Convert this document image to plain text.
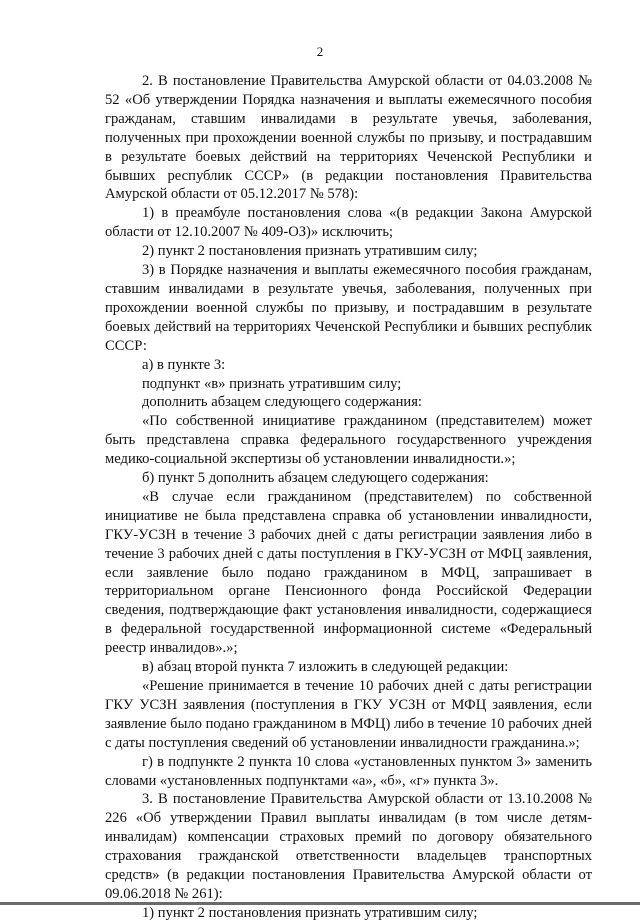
2

2. В постановление Правительства Амурской области от 04.03.2008 № 52 «Об утверждении Порядка назначения и выплаты ежемесячного пособия гражданам, ставшим инвалидами в результате увечья, заболевания, полученных при прохождении военной службы по призыву, и пострадавшим в результате боевых действий на территориях Чеченской Республики и бывших республик СССР» (в редакции постановления Правительства Амурской области от 05.12.2017 № 578):

1) в преамбуле постановления слова «(в редакции Закона Амурской области от 12.10.2007 № 409-ОЗ)» исключить;

2) пункт 2 постановления признать утратившим силу;

3) в Порядке назначения и выплаты ежемесячного пособия гражданам, ставшим инвалидами в результате увечья, заболевания, полученных при прохождении военной службы по призыву, и пострадавшим в результате боевых действий на территориях Чеченской Республики и бывших республик СССР:

а) в пункте 3:

подпункт «в» признать утратившим силу;

дополнить абзацем следующего содержания:

«По собственной инициативе гражданином (представителем) может быть представлена справка федерального государственного учреждения медико-социальной экспертизы об установлении инвалидности.»;

б) пункт 5 дополнить абзацем следующего содержания:

«В случае если гражданином (представителем) по собственной инициативе не была представлена справка об установлении инвалидности, ГКУ-УСЗН в течение 3 рабочих дней с даты регистрации заявления либо в течение 3 рабочих дней с даты поступления в ГКУ-УСЗН от МФЦ заявления, если заявление было подано гражданином в МФЦ, запрашивает в территориальном органе Пенсионного фонда Российской Федерации сведения, подтверждающие факт установления инвалидности, содержащиеся в федеральной государственной информационной системе «Федеральный реестр инвалидов».»;

в) абзац второй пункта 7 изложить в следующей редакции:

«Решение принимается в течение 10 рабочих дней с даты регистрации ГКУ УСЗН заявления (поступления в ГКУ УСЗН от МФЦ заявления, если заявление было подано гражданином в МФЦ) либо в течение 10 рабочих дней с даты поступления сведений об установлении инвалидности гражданина.»;

г) в подпункте 2 пункта 10 слова «установленных пунктом 3» заменить словами «установленных подпунктами «а», «б», «г» пункта 3».

3. В постановление Правительства Амурской области от 13.10.2008 № 226 «Об утверждении Правил выплаты инвалидам (в том числе детям-инвалидам) компенсации страховых премий по договору обязательного страхования гражданской ответственности владельцев транспортных средств» (в редакции постановления Правительства Амурской области от 09.06.2018 № 261):

1) пункт 2 постановления признать утратившим силу;
